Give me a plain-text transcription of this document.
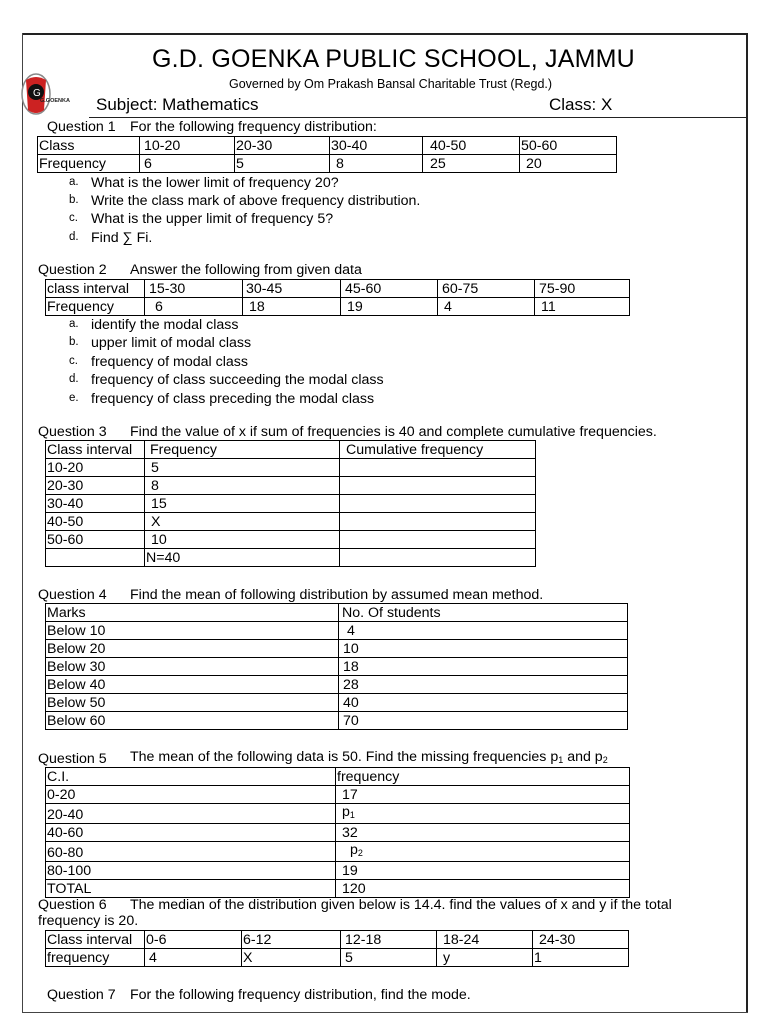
G
G.GOENKA
G.D. GOENKA PUBLIC SCHOOL, JAMMU
Governed by Om Prakash Bansal Charitable Trust (Regd.)
Subject: Mathematics	Class: X
Question 1 For the following frequency distribution:
Class	10-20	20-30	30-40	40-50	50-60
Frequency	6	5	8	25	20
a. What is the lower limit of frequency 20?
b. Write the class mark of above frequency distribution.
c. What is the upper limit of frequency 5?
d. Find ∑ Fi.
Question 2 Answer the following from given data
class interval	15-30	30-45	45-60	60-75	75-90
Frequency	6	18	19	4	11
a. identify the modal class
b. upper limit of modal class
c. frequency of modal class
d. frequency of class succeeding the modal class
e. frequency of class preceding the modal class
Question 3 Find the value of x if sum of frequencies is 40 and complete cumulative frequencies.
Class interval	Frequency	Cumulative frequency
10-20	5	
20-30	8	
30-40	15	
40-50	X	
50-60	10	
	N=40	
Question 4 Find the mean of following distribution by assumed mean method.
Marks	No. Of students
Below 10	4
Below 20	10
Below 30	18
Below 40	28
Below 50	40
Below 60	70
Question 5 The mean of the following data is 50. Find the missing frequencies $p_1$ and $p_2$
C.I.	frequency
0-20	17
20-40	$p_1$
40-60	32
60-80	$p_2$
80-100	19
TOTAL	120
Question 6 The median of the distribution given below is 14.4. find the values of x and y if the total
frequency is 20.
Class interval	0-6	6-12	12-18	18-24	24-30
frequency	4	X	5	y	1
Question 7 For the following frequency distribution, find the mode.
